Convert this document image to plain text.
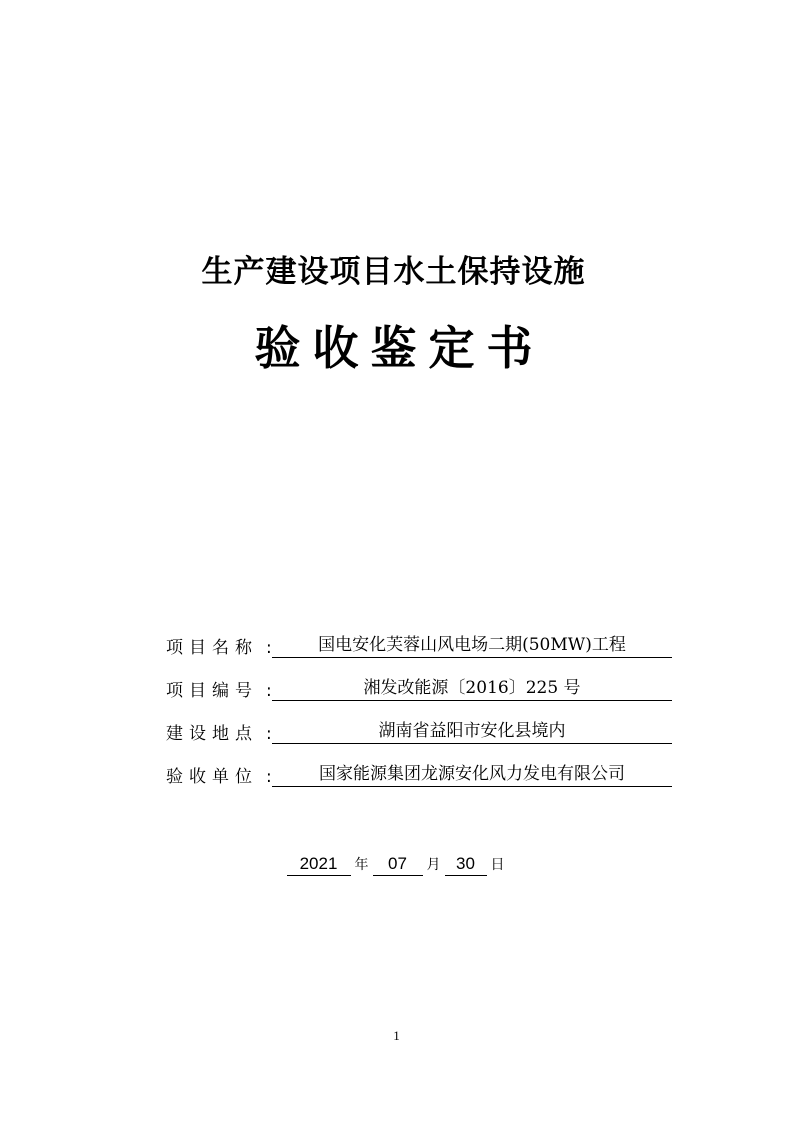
生产建设项目水土保持设施
验收鉴定书
项目名称 :	国电安化芙蓉山风电场二期(50MW)工程
项目编号 :	湘发改能源〔2016〕225 号
建设地点 :	湖南省益阳市安化县境内
验收单位 :	国家能源集团龙源安化风力发电有限公司
2021	年	07	月 30	日
1
